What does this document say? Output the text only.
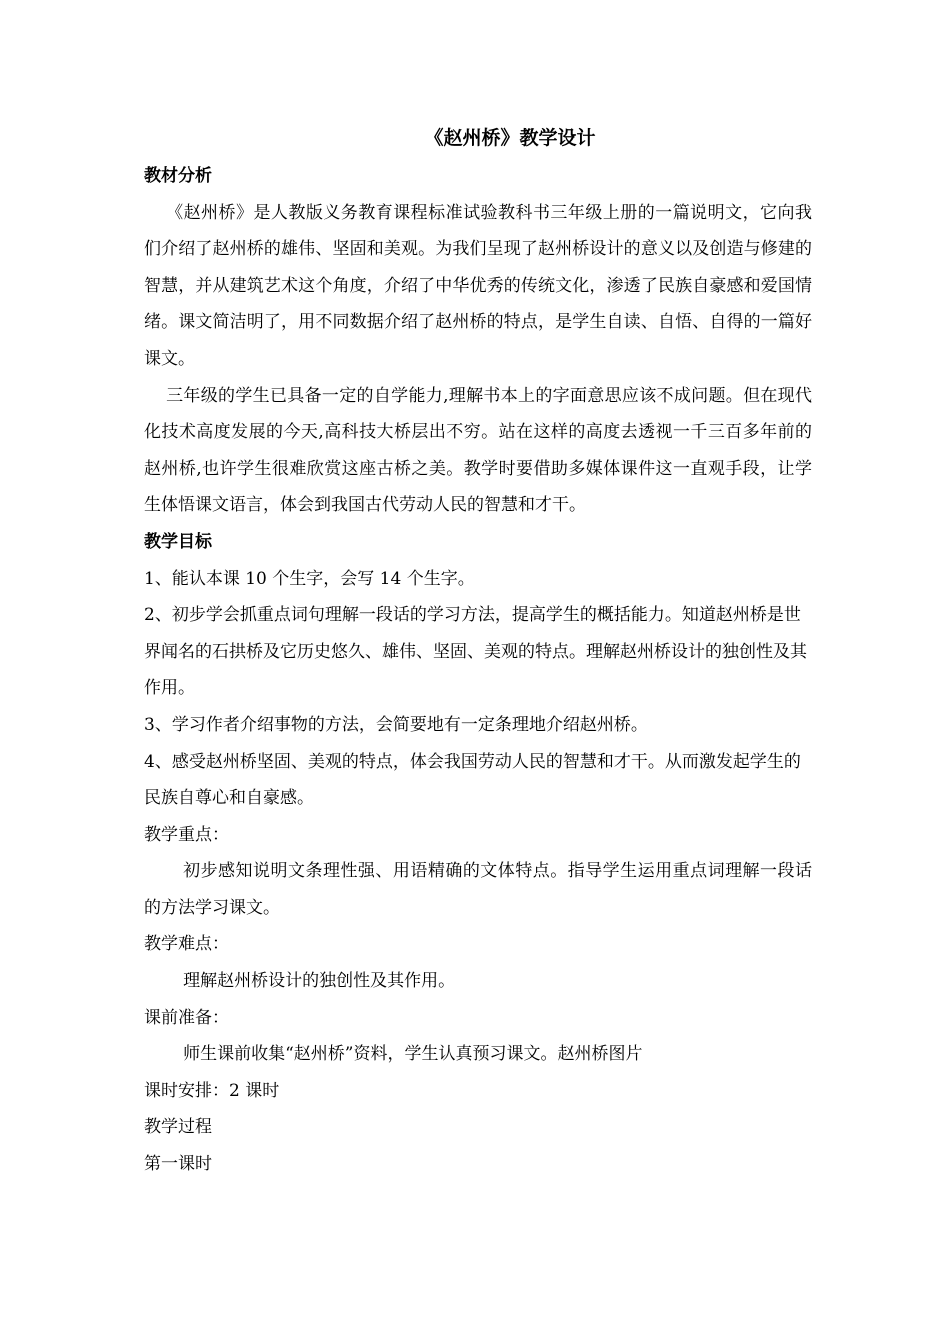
《赵州桥》教学设计

教材分析

《赵州桥》是人教版义务教育课程标准试验教科书三年级上册的一篇说明文，它向我们介绍了赵州桥的雄伟、坚固和美观。为我们呈现了赵州桥设计的意义以及创造与修建的智慧，并从建筑艺术这个角度，介绍了中华优秀的传统文化，渗透了民族自豪感和爱国情绪。课文简洁明了，用不同数据介绍了赵州桥的特点，是学生自读、自悟、自得的一篇好课文。

三年级的学生已具备一定的自学能力,理解书本上的字面意思应该不成问题。但在现代化技术高度发展的今天,高科技大桥层出不穷。站在这样的高度去透视一千三百多年前的赵州桥,也许学生很难欣赏这座古桥之美。教学时要借助多媒体课件这一直观手段，让学生体悟课文语言，体会到我国古代劳动人民的智慧和才干。

教学目标

1、能认本课 10 个生字，会写 14 个生字。

2、初步学会抓重点词句理解一段话的学习方法，提高学生的概括能力。知道赵州桥是世界闻名的石拱桥及它历史悠久、雄伟、坚固、美观的特点。理解赵州桥设计的独创性及其作用。

3、学习作者介绍事物的方法，会简要地有一定条理地介绍赵州桥。

4、感受赵州桥坚固、美观的特点，体会我国劳动人民的智慧和才干。从而激发起学生的民族自尊心和自豪感。

教学重点：

初步感知说明文条理性强、用语精确的文体特点。指导学生运用重点词理解一段话的方法学习课文。

教学难点：

理解赵州桥设计的独创性及其作用。

课前准备：

师生课前收集“赵州桥”资料，学生认真预习课文。赵州桥图片

课时安排：2 课时

教学过程

第一课时
